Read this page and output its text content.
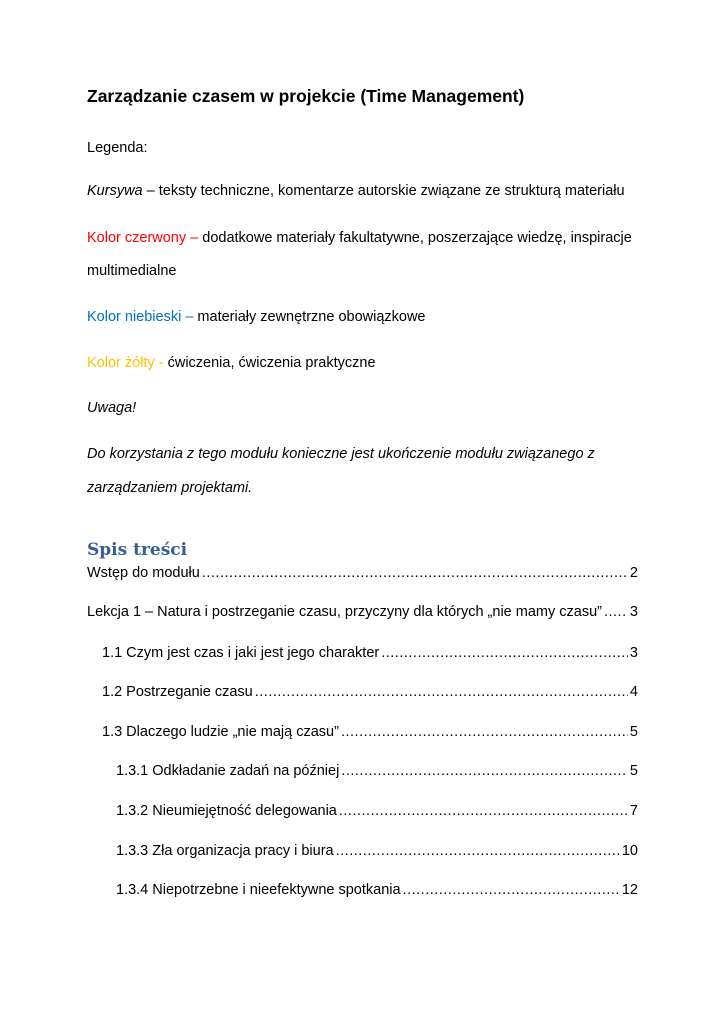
Zarządzanie czasem w projekcie (Time Management)
Legenda:
Kursywa – teksty techniczne, komentarze autorskie związane ze strukturą materiału
Kolor czerwony – dodatkowe materiały fakultatywne, poszerzające wiedzę, inspiracje
multimedialne
Kolor niebieski – materiały zewnętrzne obowiązkowe
Kolor żółty - ćwiczenia, ćwiczenia praktyczne
Uwaga!
Do korzystania z tego modułu konieczne jest ukończenie modułu związanego z
zarządzaniem projektami.
Spis treści
Wstęp do modułu .....	2
Lekcja 1 – Natura i postrzeganie czasu, przyczyny dla których „nie mamy czasu” ..... 3
1.1 Czym jest czas i jaki jest jego charakter .....	3
1.2 Postrzeganie czasu .....	4
1.3 Dlaczego ludzie „nie mają czasu” .....	5
1.3.1 Odkładanie zadań na później .....	5
1.3.2 Nieumiejętność delegowania .....	7
1.3.3 Zła organizacja pracy i biura .....	10
1.3.4 Niepotrzebne i nieefektywne spotkania .....	12
